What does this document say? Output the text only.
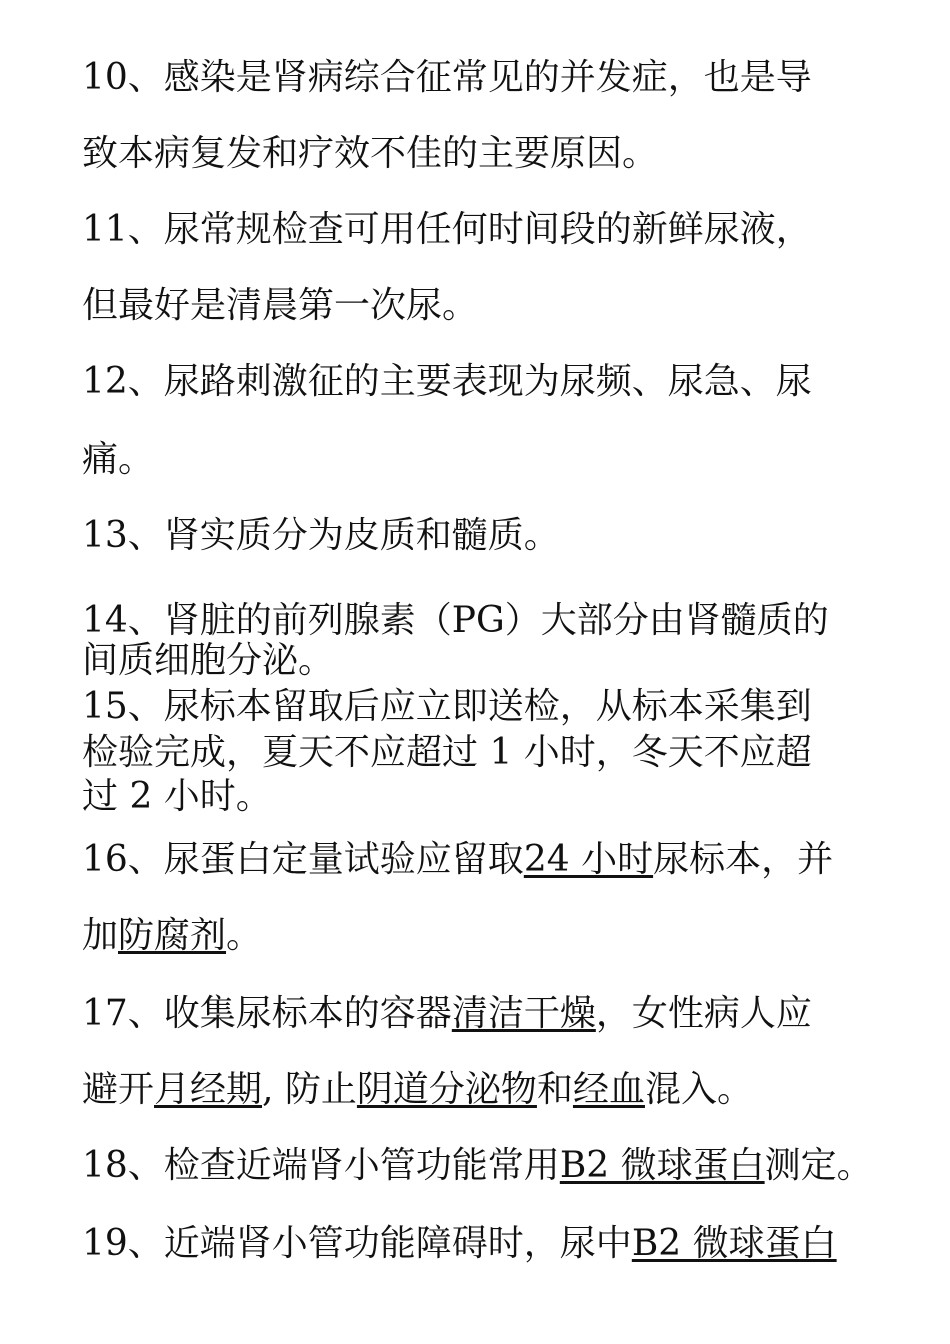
10、感染是肾病综合征常见的并发症，也是导
致本病复发和疗效不佳的主要原因。
11、尿常规检查可用任何时间段的新鲜尿液，
但最好是清晨第一次尿。
12、尿路刺激征的主要表现为尿频、尿急、尿
痛。
13、肾实质分为皮质和髓质。
14、肾脏的前列腺素（PG）大部分由肾髓质的
间质细胞分泌。
15、尿标本留取后应立即送检，从标本采集到
检验完成，夏天不应超过 1 小时，冬天不应超
过 2 小时。
16、尿蛋白定量试验应留取24 小时尿标本，并
加防腐剂。
17、收集尿标本的容器清洁干燥，女性病人应
避开月经期, 防止阴道分泌物和经血混入。
18、检查近端肾小管功能常用B2 微球蛋白测定。
19、近端肾小管功能障碍时，尿中B2 微球蛋白
